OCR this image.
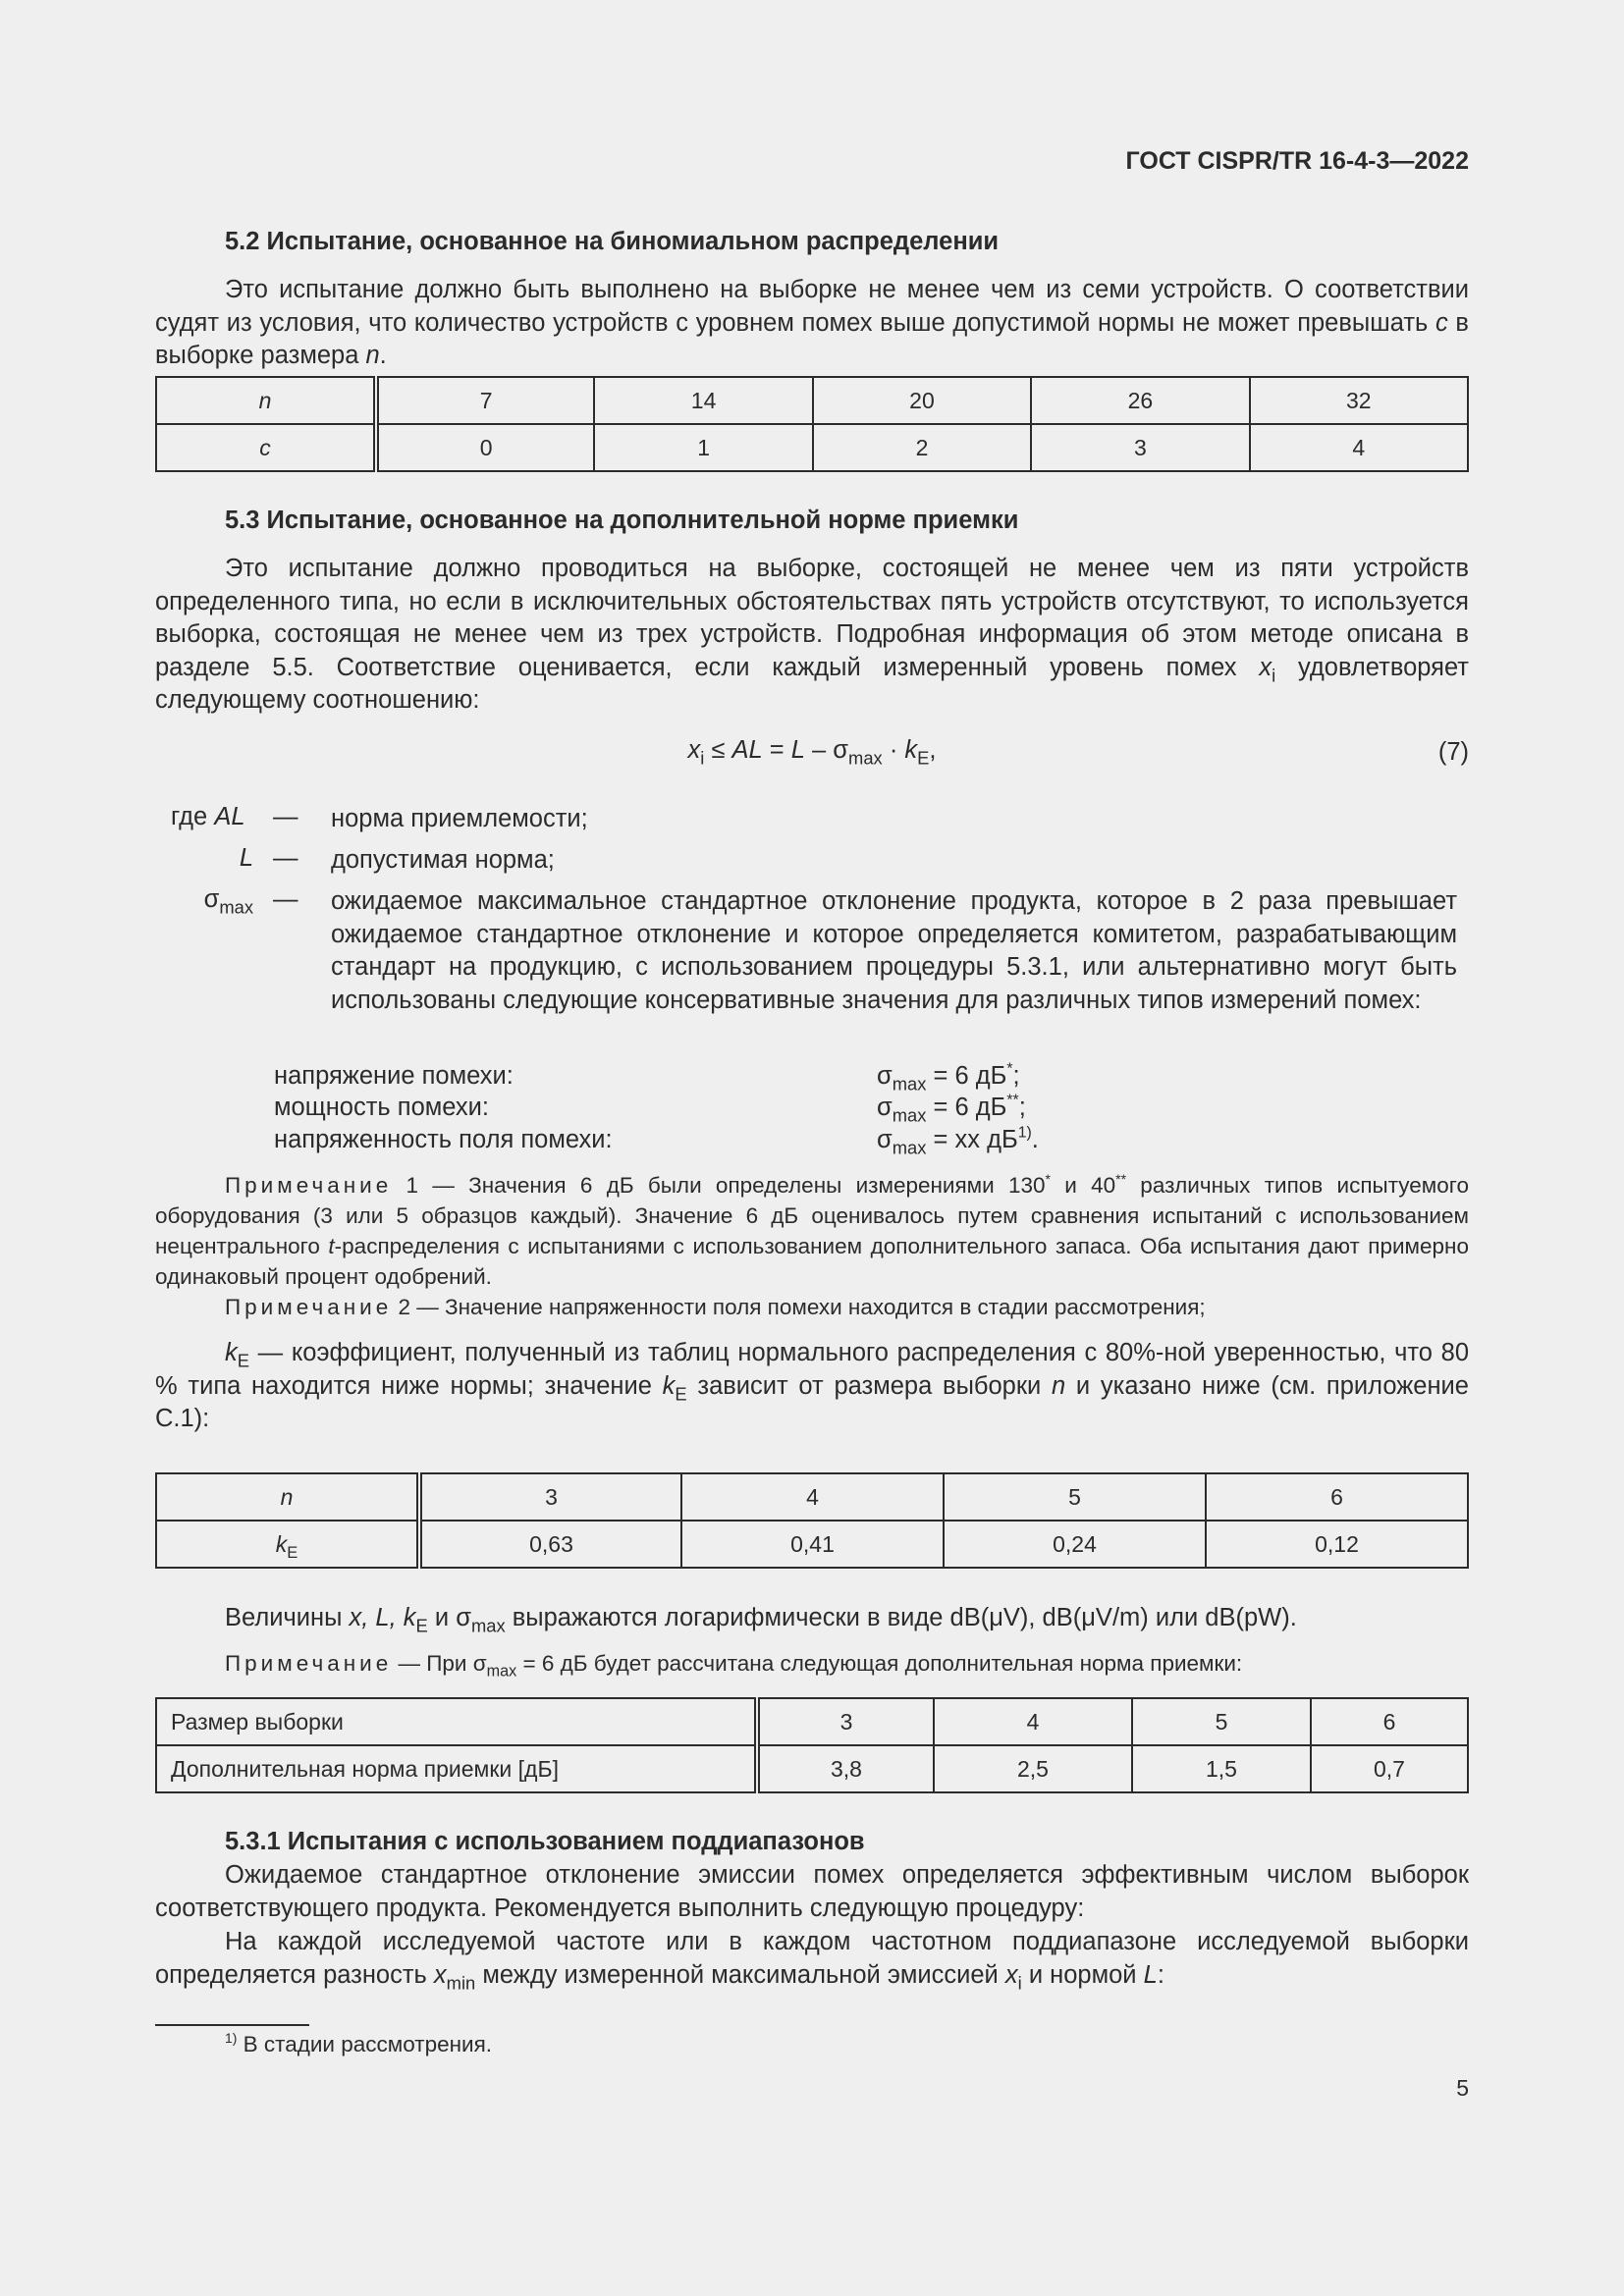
ГОСТ CISPR/TR 16-4-3—2022
5.2 Испытание, основанное на биномиальном распределении
Это испытание должно быть выполнено на выборке не менее чем из семи устройств. О соответствии судят из условия, что количество устройств с уровнем помех выше допустимой нормы не может превышать c в выборке размера n.
n	7	14	20	26	32
c	0	1	2	3	4
5.3 Испытание, основанное на дополнительной норме приемки
Это испытание должно проводиться на выборке, состоящей не менее чем из пяти устройств определенного типа, но если в исключительных обстоятельствах пять устройств отсутствуют, то используется выборка, состоящая не менее чем из трех устройств. Подробная информация об этом методе описана в разделе 5.5. Соответствие оценивается, если каждый измеренный уровень помех $x_i$ удовлетворяет следующему соотношению:
$x_i$ ≤ AL = $L - \sigma_{max} \cdot k_E$,	(7)
где AL — норма приемлемости;
L — допустимая норма;
$\sigma_{max}$ — ожидаемое максимальное стандартное отклонение продукта, которое в 2 раза превышает ожидаемое стандартное отклонение и которое определяется комитетом, разрабатывающим стандарт на продукцию, с использованием процедуры 5.3.1, или альтернативно могут быть использованы следующие консервативные значения для различных типов измерений помех:
напряжение помехи:	$\sigma_{max} = 6$ дБ*;
мощность помехи:	$\sigma_{max} = 6$ дБ**;
напряженность поля помехи:	$\sigma_{max}$ = хх $дБ^{1)}$.
Примечание 1 — Значения 6 дБ были определены измерениями 130* и 40** различных типов испытуемого оборудования (3 или 5 образцов каждый). Значение 6 дБ оценивалось путем сравнения испытаний с использованием нецентрального t-распределения с испытаниями с использованием дополнительного запаса. Оба испытания дают примерно одинаковый процент одобрений.
Примечание 2 — Значение напряженности поля помехи находится в стадии рассмотрения;
$k_E$ — коэффициент, полученный из таблиц нормального распределения с 80%-ной уверенностью, что 80 % типа находится ниже нормы; значение $k_E$ зависит от размера выборки n и указано ниже (см. приложение С.1):
n	3	4	5	6
$k_E$	0,63	0,41	0,24	0,12
Величины x, L, $k_E$ и $\sigma_{max}$ выражаются логарифмически в виде dB(μV), dB(μV/m) или dB(pW).
Примечание — При $\sigma_{max} = 6$ дБ будет рассчитана следующая дополнительная норма приемки:
Размер выборки	3	4	5	6
Дополнительная норма приемки [дБ]	3,8	2,5	1,5	0,7
5.3.1 Испытания с использованием поддиапазонов
Ожидаемое стандартное отклонение эмиссии помех определяется эффективным числом выборок соответствующего продукта. Рекомендуется выполнить следующую процедуру:
На каждой исследуемой частоте или в каждом частотном поддиапазоне исследуемой выборки определяется разность $x_{min}$ между измеренной максимальной эмиссией $x_i$ и нормой L:
$^{1)}$ В стадии рассмотрения.
5
